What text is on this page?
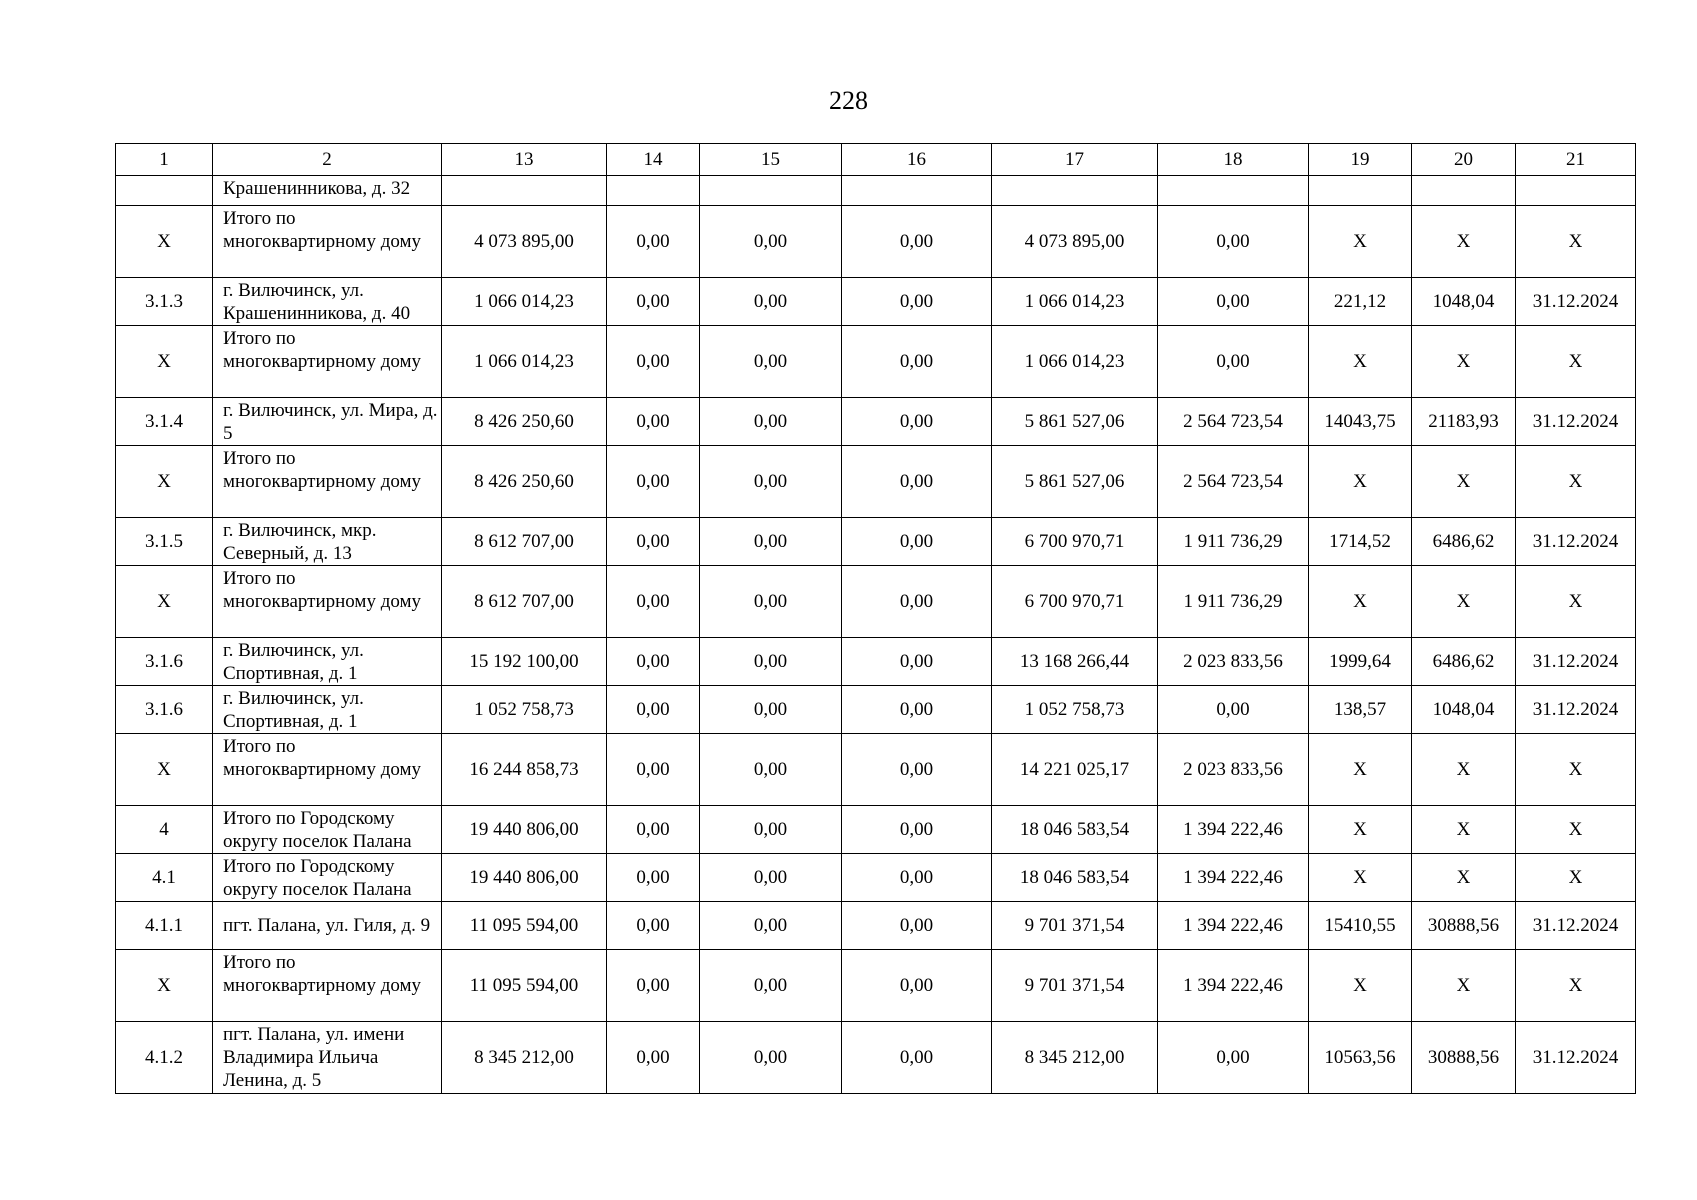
228
1	2	13	14	15	16	17	18	19	20	21
	Крашенинникова, д. 32									
X	Итого по многоквартирному дому	4 073 895,00	0,00	0,00	0,00	4 073 895,00	0,00	X	X	X
3.1.3	г. Вилючинск, ул. Крашенинникова, д. 40	1 066 014,23	0,00	0,00	0,00	1 066 014,23	0,00	221,12	1048,04	31.12.2024
X	Итого по многоквартирному дому	1 066 014,23	0,00	0,00	0,00	1 066 014,23	0,00	X	X	X
3.1.4	г. Вилючинск, ул. Мира, д. 5	8 426 250,60	0,00	0,00	0,00	5 861 527,06	2 564 723,54	14043,75	21183,93	31.12.2024
X	Итого по многоквартирному дому	8 426 250,60	0,00	0,00	0,00	5 861 527,06	2 564 723,54	X	X	X
3.1.5	г. Вилючинск, мкр. Северный, д. 13	8 612 707,00	0,00	0,00	0,00	6 700 970,71	1 911 736,29	1714,52	6486,62	31.12.2024
X	Итого по многоквартирному дому	8 612 707,00	0,00	0,00	0,00	6 700 970,71	1 911 736,29	X	X	X
3.1.6	г. Вилючинск, ул. Спортивная, д. 1	15 192 100,00	0,00	0,00	0,00	13 168 266,44	2 023 833,56	1999,64	6486,62	31.12.2024
3.1.6	г. Вилючинск, ул. Спортивная, д. 1	1 052 758,73	0,00	0,00	0,00	1 052 758,73	0,00	138,57	1048,04	31.12.2024
X	Итого по многоквартирному дому	16 244 858,73	0,00	0,00	0,00	14 221 025,17	2 023 833,56	X	X	X
4	Итого по Городскому округу поселок Палана	19 440 806,00	0,00	0,00	0,00	18 046 583,54	1 394 222,46	X	X	X
4.1	Итого по Городскому округу поселок Палана	19 440 806,00	0,00	0,00	0,00	18 046 583,54	1 394 222,46	X	X	X
4.1.1	пгт. Палана, ул. Гиля, д. 9	11 095 594,00	0,00	0,00	0,00	9 701 371,54	1 394 222,46	15410,55	30888,56	31.12.2024
X	Итого по многоквартирному дому	11 095 594,00	0,00	0,00	0,00	9 701 371,54	1 394 222,46	X	X	X
4.1.2	пгт. Палана, ул. имени Владимира Ильича Ленина, д. 5	8 345 212,00	0,00	0,00	0,00	8 345 212,00	0,00	10563,56	30888,56	31.12.2024
